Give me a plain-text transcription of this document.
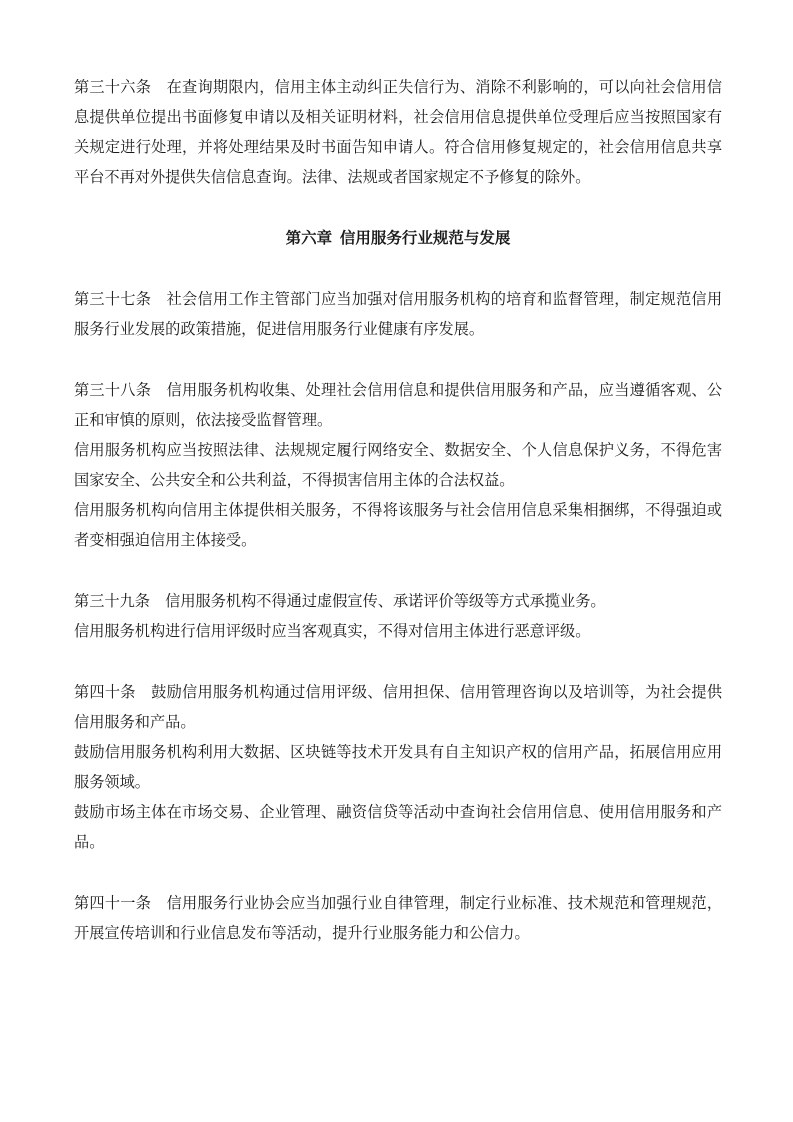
第三十六条 在查询期限内，信用主体主动纠正失信行为、消除不利影响的，可以向社会信用信息提供单位提出书面修复申请以及相关证明材料，社会信用信息提供单位受理后应当按照国家有关规定进行处理，并将处理结果及时书面告知申请人。符合信用修复规定的，社会信用信息共享平台不再对外提供失信信息查询。法律、法规或者国家规定不予修复的除外。

第六章 信用服务行业规范与发展

第三十七条 社会信用工作主管部门应当加强对信用服务机构的培育和监督管理，制定规范信用服务行业发展的政策措施，促进信用服务行业健康有序发展。

第三十八条 信用服务机构收集、处理社会信用信息和提供信用服务和产品，应当遵循客观、公正和审慎的原则，依法接受监督管理。

信用服务机构应当按照法律、法规规定履行网络安全、数据安全、个人信息保护义务，不得危害国家安全、公共安全和公共利益，不得损害信用主体的合法权益。

信用服务机构向信用主体提供相关服务，不得将该服务与社会信用信息采集相捆绑，不得强迫或者变相强迫信用主体接受。

第三十九条 信用服务机构不得通过虚假宣传、承诺评价等级等方式承揽业务。

信用服务机构进行信用评级时应当客观真实，不得对信用主体进行恶意评级。

第四十条 鼓励信用服务机构通过信用评级、信用担保、信用管理咨询以及培训等，为社会提供信用服务和产品。

鼓励信用服务机构利用大数据、区块链等技术开发具有自主知识产权的信用产品，拓展信用应用服务领域。

鼓励市场主体在市场交易、企业管理、融资信贷等活动中查询社会信用信息、使用信用服务和产品。

第四十一条 信用服务行业协会应当加强行业自律管理，制定行业标准、技术规范和管理规范，开展宣传培训和行业信息发布等活动，提升行业服务能力和公信力。
